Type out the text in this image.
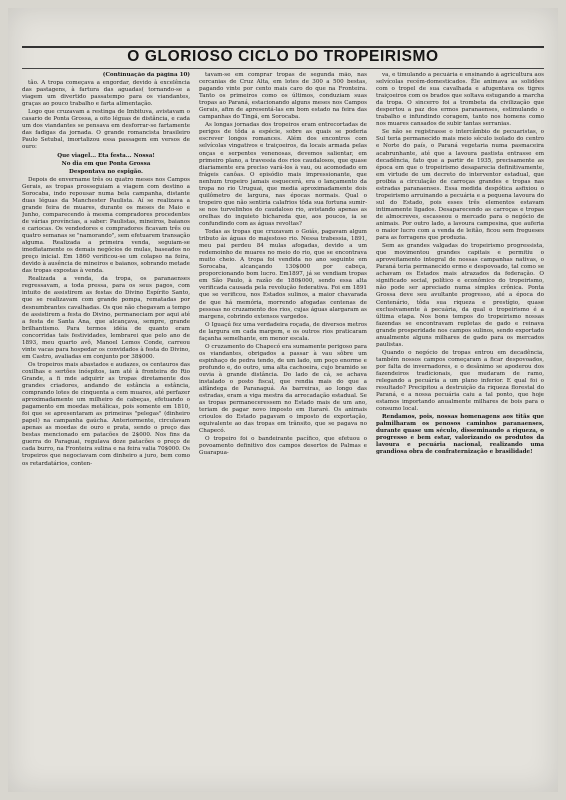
O GLORIOSO CICLO DO TROPEIRISMO

(Continuação da página 10)

tão. A tropa começava a engordar, devido à excelência das pastagens, à fartura das aguadas( tornando-se a viagem um divertido passatempo para os viandantes, graças ao pouco trabalho e farta alimentação.

Logo que cruzavam a restinga de Imbituva, avistavam o casario de Ponta Grossa, a oito léguas de distância, e cada um dos viandantes se pensava em desforrar-se fartamente das fadigas da jornada. O grande romancista brasileiro Paulo Setubal, imortalizou essa passagem em versos de ouro:

Que viagel... Eta festa... Nossa!

No dia em que Ponta Grossa

Despontava no espigão.

Depois de envername três ou quatro meses nos Campos Gerais, as tropas prosseguiam a viagem com destino a Sorocaba, indo repousar numa bela campanha, distante duas léguas da Manchester Paulista. Aí se realizava a grande feira de muares, durante os meses de Maio e Junho, comparecendo à mesma compradores procedentes de várias províncias, a saber: Paulistas, mineiros, baianos e cariocas. Os vendedores e compradores ficavam três ou quatro semanas se "namorando", sem efetuarem transação alguma. Realizada a primeira venda, seguiam-se imediatamente os demais negócios de mulas, baseados no preço inicial. Em 1860 verificou-se um colapso na feira, devido à ausência de mineiros e baianos, sobrando metade das tropas expostas à venda.

Realizada a venda, da tropa, os paranaenses regressavam, a toda pressa, para os seus pagos, com intuito de assistirem as festas do Divino Espírito Santo, que se realizavam com grande pompa, rematadas por desnumbrantes cavalhadas. Os que não chegavam a tempo de assistirem a festa do Divino, permaneciam por aqui até a festa de Santa Ana, que alcançava, sempre, grande brilhantismo. Para termos idéia de quanto eram concorridas tais festividades, lembrarei que pelo ano de 1893, meu quarto avô, Manoel Lemos Conde, carreou vinte vacas para hospedar os convidados à festa do Divino, em Castro, avaliadas em conjunto por 38$000.

Os tropeiros mais abastados e audazes, os centauros das coxilhas e sertões inóspitos, iam até à fronteira do Rio Grande, a fi mde adquirir as tropas diretamente dos grandes criadores, andando de estância a estância, comprando lotes de cinquenta a cem muares, até perfazer aproximadamente um milheiro de cabeças, efetuando o pagamento em moedas metálicas, pois somente em 1810, foi que se apresentaram as primeiras "pelegas" (dinheiro papel) na campanha gaúcha. Anteriormente, circulavam apenas as moedas de ouro e prata, sendo o preço das bestas mencionado em patacões de 2$000. Nos fins da guerra do Paraguai, regulava doze patacões o preço de cada burro, na Fronteira sulina e na feira valia 70$000. Os tropeiros que negociavam com dinheiro a juro, bem como os retardatários, conten-

tavam-se em comprar tropas de segunda mão, nas cercanias de Cruz Alta, em lotes de 300 a 500 bestas, pagando vinte por cento mais caro do que na Fronteira. Tanto os primeiros como os últimos, conduziam suas tropas ao Paraná, estacionando alguns meses nos Campos Gerais, afim de apresentá-las em bom estado na feira das campanhas do Tingá, em Sorocaba.

As longas jornadas dos tropeiros eram entrecortadas de perigos de tôda a espécie, sobre as quais se poderia escrever longos romances. Além dos encontros com selvícolas vingativos e traiçoeiros, da locais armada pelas onças e serpentes venenosas, devemos salientar, em primeiro plano, a travessia dos rios caudalosos, que quase diariamente era preciso vará-los à vau, ou acomodado em frágeis canôas. O episódio mais impressionante, que nenhum tropeiro jamais esquecerá, era o lançamento da tropa no rio Uruguai, que media aproximadamente dois quilômetro de largura, nas épocas normais. Qual o tropeiro que não sentiria calafrios tôda sua fortuna sumir-se nos turvelinhos do caudaloso rio, avistando apenas as orelhas do inquieto bichareda que, aos poucos, ia se confundindo com as águas revoltas?

Todas as tropas que cruzavam o Goiás, pagavam algum tributo às águas do majestoso rio. Nessa trabessia, 1891, meu pai perdeu 84 mulas afogadas, devido a um redemoinho de muares no meio do rio, que se encontrava muito cheio. A tropa foi vendida no ano seguinte em Sorocaba, alcançando 130$000 por cabeça, proporcionando bom lucro. Em1897, já se vendiam tropas em São Paulo, à razão de 180$000, sendo essa alta verificada causada pela revolução federativa. Foi em 1891 que se verificou, nos Estados sulinos, a maior chavarada de que há memória, morrendo afogadas centenas de pessoas no cruzamento dos rios, cujas águas alargaram as margens, cobrindo extensos vargedos.

O Iguaçú fez uma verdadeira roçada, de diversos metros de largura em cada margem, e os outros rios praticaram façanha semelhante, em menor escala.

O cruzamento do Chapecó era sumamente perigoso para os viandantes, obrigados a passar à vau sôbre um espinhaço de pedra tendo, de um lado, um poço enorme e profundo e, do outro, uma alta cachoeira, cujo bramido se ouvia à grande distância. Do lado de cá, se achava instalado o posto fiscal, que rendia mais do que a alfândega de Paranaguá. As barreiras, ao longo das estradas, eram a viga mestra da arrecadação estadual. Se as tropas permaneceressem no Estado mais de um ano, teriam de pagar novo imposto em Itararé. Os animais crioulos do Estado pagavam o imposto de exportação, equivalente ao das tropas em trânsito, que se pagava no Chapecó.

O tropeiro foi o bandeirante pacífico, que efetuou o povoamento definitivo dos campos desertos de Palmas e Guarapua-

va, e timulando a pecuária e ensinando à agricultura aos selvícolas recém-domesticados. Êle animava as solidões com o tropel de sua cavalhada e afugentava os tigres traiçoeiros com os brados que soltava estugando a marcha da tropa. O sincerro foi a trombeta da civilização que despertou a paz dos ermos paranaenses, estimulando o trabalho e infundindo coragem, tanto nos homens como nos muares cansados de subir tantas serranias.

Se não se registrasse o intercâmbio de pecuaristas, o Sul teria permanecido mais meio século isolado do centro e Norte do país, o Paraná vegetaria numa pasmaceira acabrunhante, até que a lavoura pastista entrasse em decadência, fato que a partir de 1935, precisamente as época em que o tropeirismo desaparecia definitivamente, em virtude de um decreto do interventor estadual, que proibia a circulação de carroças grandes e tropas nas estradas paranaenses. Essa medida despótica asfixiou o tropeirismo arruinando a pecuária e a pequena lavoura do sul do Estado, pois esses três elementos estavam intimamente ligados. Desaparecendo as carroças e tropas de almocreves, escasseou o mercado para o negócio de animais. Por outro lado, a lavoura campesina, que auferia o maior lucro com a venda de leitão, ficou sem fregueses para as forragens que produzia.

Sem as grandes valgadas do tropeirismo progressista, que movimentou grandes capitais e permitiu o aproveitamento integral de nossas campanhas nativas, o Paraná teria permanecido ermo e despovoado, tal como se achavam os Estados mais atrazados da federação. O significado social, político e econômico do tropeirismo, não pode ser apreciado numa simples crônica. Ponta Grossa deve seu avultante progresso, até a época do Centenário, tôda sua riqueza e prestígio, quase exclusivamente à pecuária, da qual o tropeirismo é a última etapa. Nos bons tempos do tropeirismo nossas fazendas se encontravam repletas de gado e reinava grande prosperidade nos campos sulinos, sendo exportado anualmente alguns milhares de gado para os mercados paulistas.

Quando o negócio de tropas entrou em decadência, também nossos campos começaram a ficar despovoados, por falta de invernadores, e o desânimo se apoderou dos fazendeiros tradicionais, que mudaram de ramo, relegando a pecuária a um plano inferior. E qual foi o resultado? Precipitou a destruição da riqueza florestal do Paraná, e a nossa pecuária caiu a tal ponto, que hoje estamos importando anualmente milhares de bois para o consumo local.

Rendamos, pois, nossas homenagens aos titãs que palmilharam os penosos caminhos paranaenses, durante quase um século, disseminando a riqueza, o progresso e bem estar, valorizando os produtos da lavoura e pecuária nacional, realizando uma grandiosa obra de confraternização e brasilidade!
